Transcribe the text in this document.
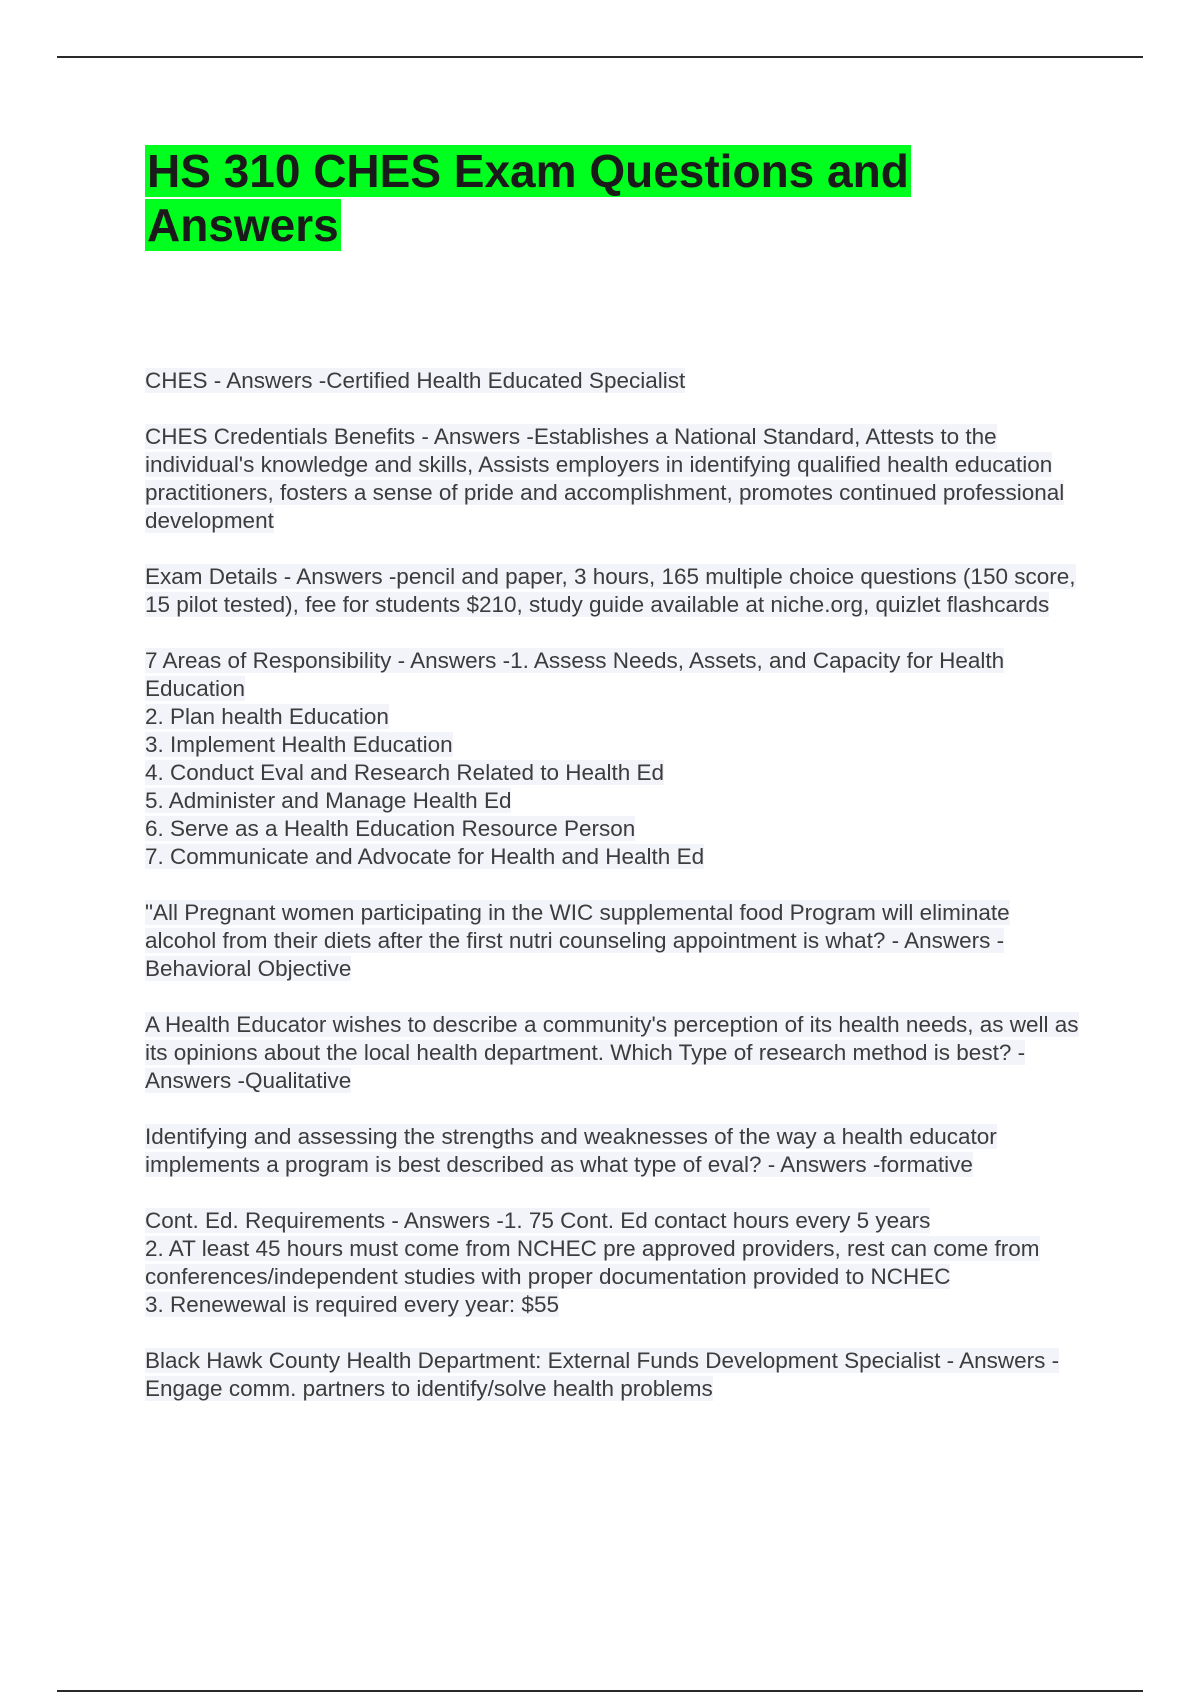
HS 310 CHES Exam Questions and Answers

CHES - Answers -Certified Health Educated Specialist

CHES Credentials Benefits - Answers -Establishes a National Standard, Attests to the individual's knowledge and skills, Assists employers in identifying qualified health education practitioners, fosters a sense of pride and accomplishment, promotes continued professional development

Exam Details - Answers -pencil and paper, 3 hours, 165 multiple choice questions (150 score, 15 pilot tested), fee for students $210, study guide available at niche.org, quizlet flashcards

7 Areas of Responsibility - Answers -1. Assess Needs, Assets, and Capacity for Health Education
2. Plan health Education
3. Implement Health Education
4. Conduct Eval and Research Related to Health Ed
5. Administer and Manage Health Ed
6. Serve as a Health Education Resource Person
7. Communicate and Advocate for Health and Health Ed

"All Pregnant women participating in the WIC supplemental food Program will eliminate alcohol from their diets after the first nutri counseling appointment is what? - Answers -Behavioral Objective

A Health Educator wishes to describe a community's perception of its health needs, as well as its opinions about the local health department. Which Type of research method is best? - Answers -Qualitative

Identifying and assessing the strengths and weaknesses of the way a health educator implements a program is best described as what type of eval? - Answers -formative

Cont. Ed. Requirements - Answers -1. 75 Cont. Ed contact hours every 5 years
2. AT least 45 hours must come from NCHEC pre approved providers, rest can come from conferences/independent studies with proper documentation provided to NCHEC
3. Renewewal is required every year: $55

Black Hawk County Health Department: External Funds Development Specialist - Answers -Engage comm. partners to identify/solve health problems
